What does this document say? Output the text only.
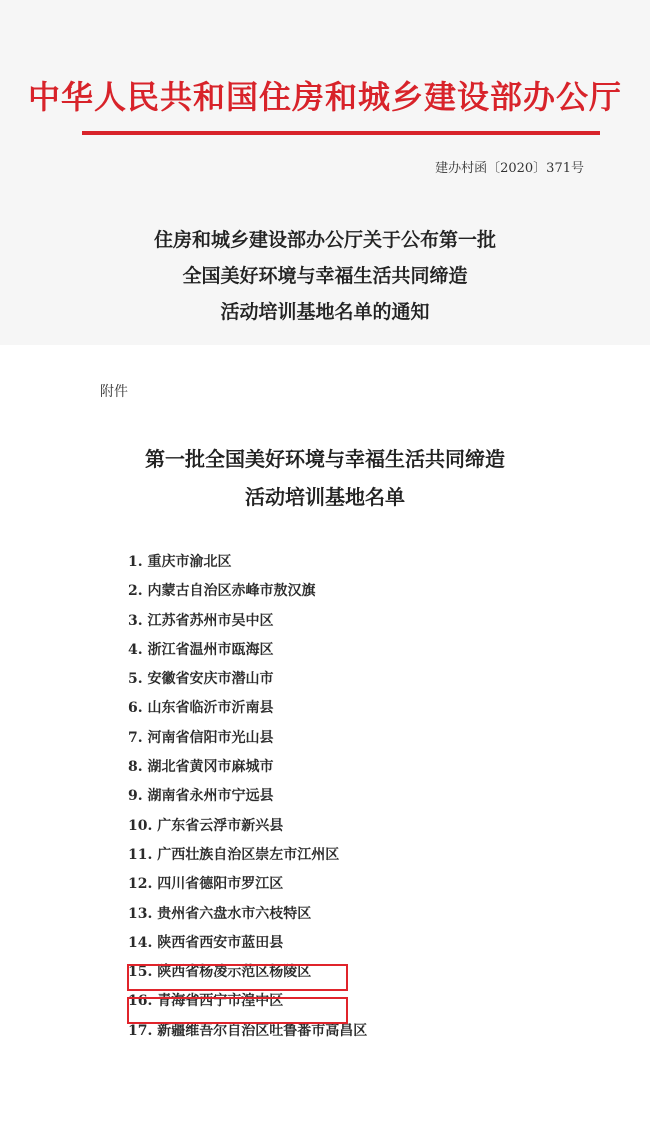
中华人民共和国住房和城乡建设部办公厅
建办村函〔2020〕371号
住房和城乡建设部办公厅关于公布第一批
全国美好环境与幸福生活共同缔造
活动培训基地名单的通知
附件
第一批全国美好环境与幸福生活共同缔造
活动培训基地名单
1. 重庆市渝北区
2. 内蒙古自治区赤峰市敖汉旗
3. 江苏省苏州市吴中区
4. 浙江省温州市瓯海区
5. 安徽省安庆市潜山市
6. 山东省临沂市沂南县
7. 河南省信阳市光山县
8. 湖北省黄冈市麻城市
9. 湖南省永州市宁远县
10. 广东省云浮市新兴县
11. 广西壮族自治区崇左市江州区
12. 四川省德阳市罗江区
13. 贵州省六盘水市六枝特区
14. 陕西省西安市蓝田县
15. 陕西省杨凌示范区杨陵区
16. 青海省西宁市湟中区
17. 新疆维吾尔自治区吐鲁番市高昌区
